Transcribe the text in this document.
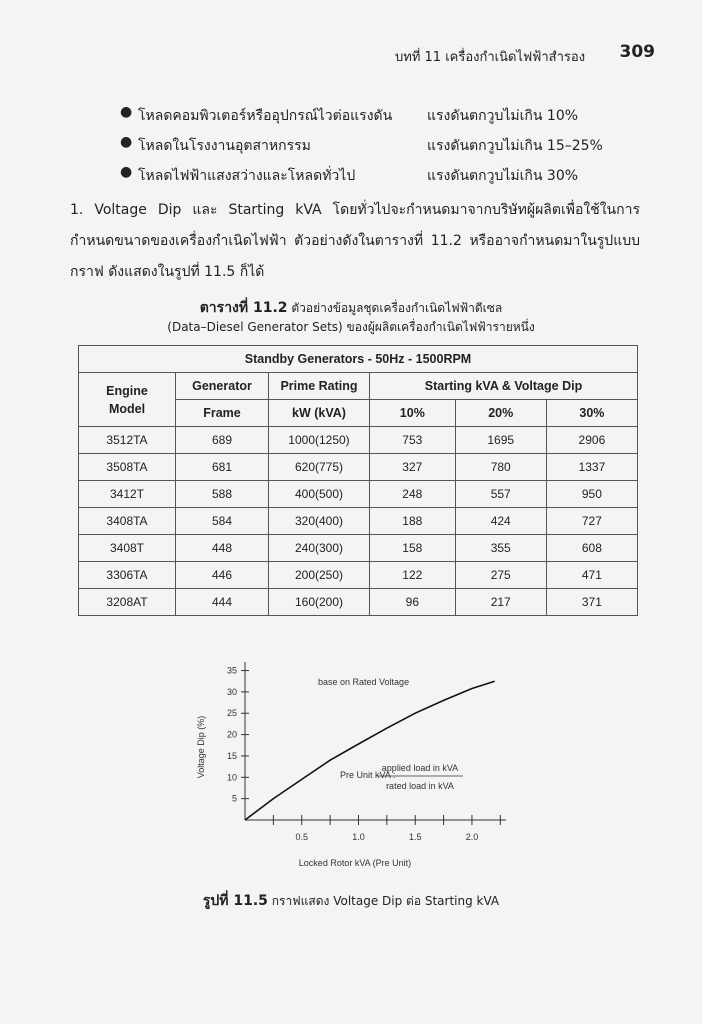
บทที่ 11 เครื่องกำเนิดไฟฟ้าสำรอง 309
● โหลดคอมพิวเตอร์หรืออุปกรณ์ไวต่อแรงดัน แรงดันตกวูบไม่เกิน 10%
● โหลดในโรงงานอุตสาหกรรม	แรงดันตกวูบไม่เกิน 15–25%
● โหลดไฟฟ้าแสงสว่างและโหลดทั่วไป	แรงดันตกวูบไม่เกิน 30%
1. Voltage Dip และ Starting kVA โดยทั่วไปจะกำหนดมาจากบริษัทผู้ผลิตเพื่อใช้ในการกำหนดขนาดของเครื่องกำเนิดไฟฟ้า ตัวอย่างดังในตารางที่ 11.2 หรืออาจกำหนดมาในรูปแบบกราฟ ดังแสดงในรูปที่ 11.5 ก็ได้
ตารางที่ 11.2 ตัวอย่างข้อมูลชุดเครื่องกำเนิดไฟฟ้าดีเซล
(Data–Diesel Generator Sets) ของผู้ผลิตเครื่องกำเนิดไฟฟ้ารายหนึ่ง
Standby Generators - 50Hz - 1500RPM					

Engine
Model	Generator	Prime Rating	Starting kVA & Voltage Dip		
	Frame	kW (kVA)	10%	20%	30%
3512TA	689	1000(1250)	753	1695	2906
3508TA	681	620(775)	327	780	1337
3412T	588	400(500)	248	557	950
3408TA	584	320(400)	188	424	727
3408T	448	240(300)	158	355	608
3306TA	446	200(250)	122	275	471
3208AT	444	160(200)	96	217	371
5
10
15
20
25
30
35
0.5	1.0	1.5	2.0
base on Rated Voltage
Pre Unit kVA :
applied load in kVA
rated load in kVA
Locked Rotor kVA (Pre Unit)
Voltage Dip (%)
รูปที่ 11.5 กราฟแสดง Voltage Dip ต่อ Starting kVA
